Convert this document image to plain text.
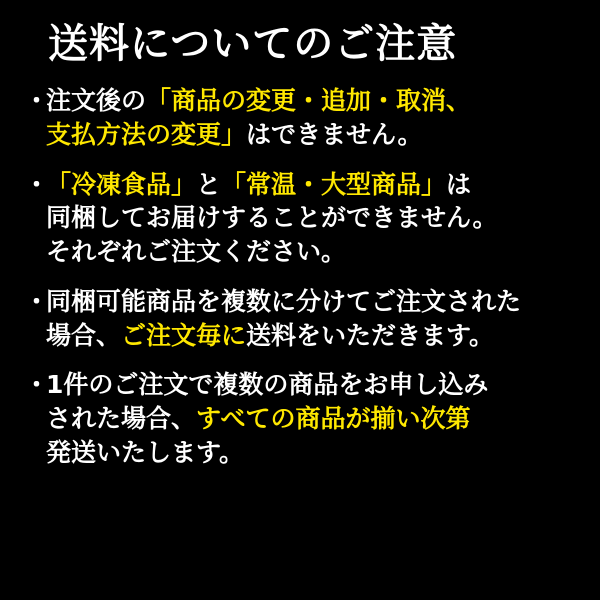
送料についてのご注意
・
注文後の「商品の変更・追加・取消、
支払方法の変更」はできません。
・
「冷凍食品」と「常温・大型商品」は
同梱してお届けすることができません。
それぞれご注文ください。
・
同梱可能商品を複数に分けてご注文された
場合、ご注文毎に送料をいただきます。
・
1件のご注文で複数の商品をお申し込み
された場合、すべての商品が揃い次第
発送いたします。
